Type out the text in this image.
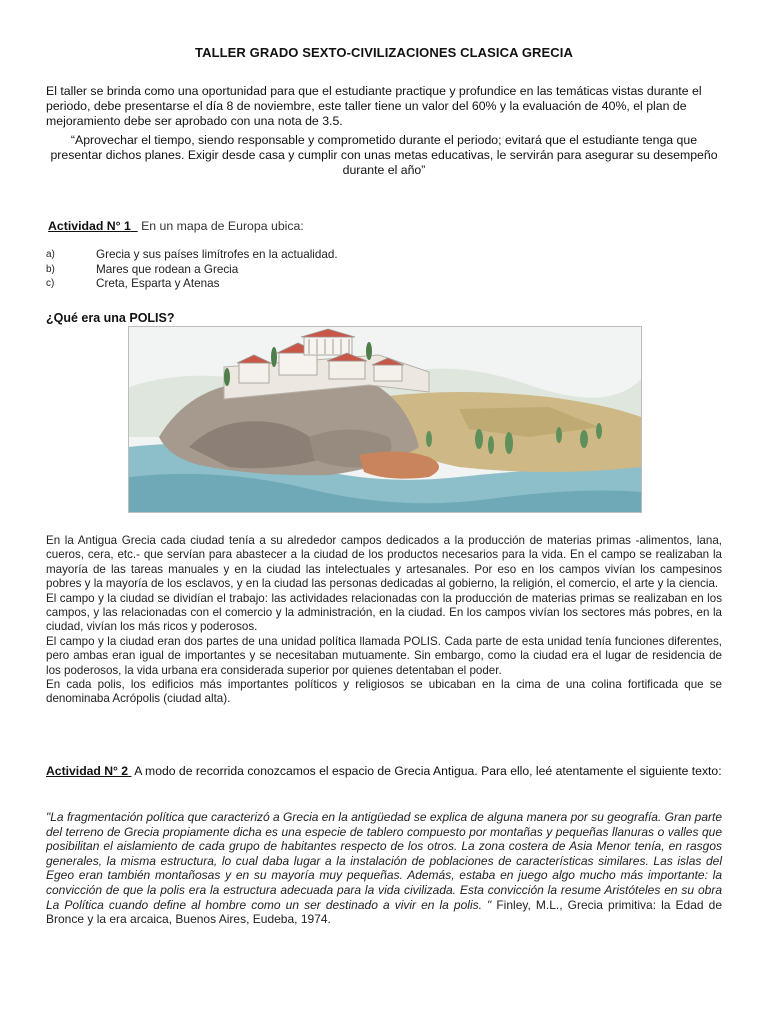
TALLER GRADO SEXTO-CIVILIZACIONES CLASICA GRECIA
El taller se brinda como una oportunidad para que el estudiante practique y profundice en las temáticas vistas durante el periodo, debe presentarse el día 8 de noviembre, este taller tiene un valor del 60% y la evaluación de 40%, el plan de mejoramiento debe ser aprobado con una nota de 3.5.
“Aprovechar el tiempo, siendo responsable y comprometido durante el periodo; evitará que el estudiante tenga que presentar dichos planes. Exigir desde casa y cumplir con unas metas educativas, le servirán para asegurar su desempeño durante el año”
Actividad N° 1 En un mapa de Europa ubica:
a)	Grecia y sus países limítrofes en la actualidad.
b)	Mares que rodean a Grecia
c)	Creta, Esparta y Atenas
¿Qué era una POLIS?

En la Antigua Grecia cada ciudad tenía a su alrededor campos dedicados a la producción de materias primas -alimentos, lana, cueros, cera, etc.- que servían para abastecer a la ciudad de los productos necesarios para la vida. En el campo se realizaban la mayoría de las tareas manuales y en la ciudad las intelectuales y artesanales. Por eso en los campos vivían los campesinos pobres y la mayoría de los esclavos, y en la ciudad las personas dedicadas al gobierno, la religión, el comercio, el arte y la ciencia.

El campo y la ciudad se dividían el trabajo: las actividades relacionadas con la producción de materias primas se realizaban en los campos, y las relacionadas con el comercio y la administración, en la ciudad. En los campos vivían los sectores más pobres, en la ciudad, vivían los más ricos y poderosos.

El campo y la ciudad eran dos partes de una unidad política llamada POLIS. Cada parte de esta unidad tenía funciones diferentes, pero ambas eran igual de importantes y se necesitaban mutuamente. Sin embargo, como la ciudad era el lugar de residencia de los poderosos, la vida urbana era considerada superior por quienes detentaban el poder.

En cada polis, los edificios más importantes políticos y religiosos se ubicaban en la cima de una colina fortificada que se denominaba Acrópolis (ciudad alta).

Actividad N° 2 A modo de recorrida conozcamos el espacio de Grecia Antigua. Para ello, leé atentamente el siguiente texto:
"La fragmentación política que caracterizó a Grecia en la antigüedad se explica de alguna manera por su geografía. Gran parte del terreno de Grecia propiamente dicha es una especie de tablero compuesto por montañas y pequeñas llanuras o valles que posibilitan el aislamiento de cada grupo de habitantes respecto de los otros. La zona costera de Asia Menor tenía, en rasgos generales, la misma estructura, lo cual daba lugar a la instalación de poblaciones de características similares. Las islas del Egeo eran también montañosas y en su mayoría muy pequeñas. Además, estaba en juego algo mucho más importante: la convicción de que la polis era la estructura adecuada para la vida civilizada. Esta convicción la resume Aristóteles en su obra La Política cuando define al hombre como un ser destinado a vivir en la polis. " Finley, M.L., Grecia primitiva: la Edad de Bronce y la era arcaica, Buenos Aires, Eudeba, 1974.
